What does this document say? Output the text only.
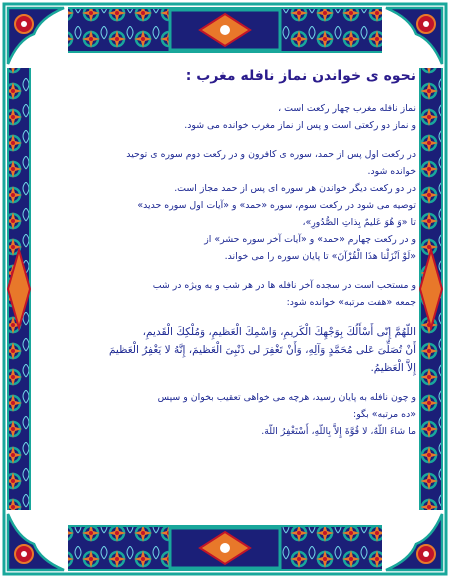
نحوه ی خواندن نماز نافله مغرب :
نماز نافله مغرب چهار رکعت است ،
و نماز دو رکعتی است و پس از نماز مغرب خوانده می شود.
در رکعت اول پس از حمد، سوره ی کافرون و در رکعت دوم سوره ی توحید
خوانده شود.
در دو رکعت دیگر خواندن هر سوره ای پس از حمد مجاز است.
توصیه می شود در رکعت سوم، سوره «حمد» و «آیات اول سوره حدید»
تا «وَ هُوَ عَلیمٌ بِذاتِ الصُّدُورِ»،
و در رکعت چهارم «حمد» و «آیات آخر سوره حشر» از
«لَوْ اَنْزَلْنا هذَا الْقُرْآنَ» تا پایان سوره را می خواند.
و مستحب است در سجده آخر نافله ها در هر شب و به ویژه در شب
جمعه «هفت مرتبه» خوانده شود:
اللّهُمَّ إِنّی أَسْأَلُكَ بِوَجْهِكَ الْكَریمِ، وَاسْمِكَ الْعَظیمِ، وَمُلْكِكَ الْقَدیمِ،
أَنْ تُصَلِّیَ عَلی مُحَمَّدٍ وَآلِهِ، وَأَنْ تَغْفِرَ لی ذَنْبِیَ الْعَظیمَ، إِنَّهُ لا یَغْفِرُ الْعَظیمَ
إِلاَّ الْعَظیمُ.
و چون نافله به پایان رسید، هرچه می خواهی تعقیب بخوان و سپس
«ده مرتبه» بگو:
ما شاءَ اللّهُ، لا قُوَّةَ إِلاَّ بِاللّهِ، أَسْتَغْفِرُ اللّهَ.
